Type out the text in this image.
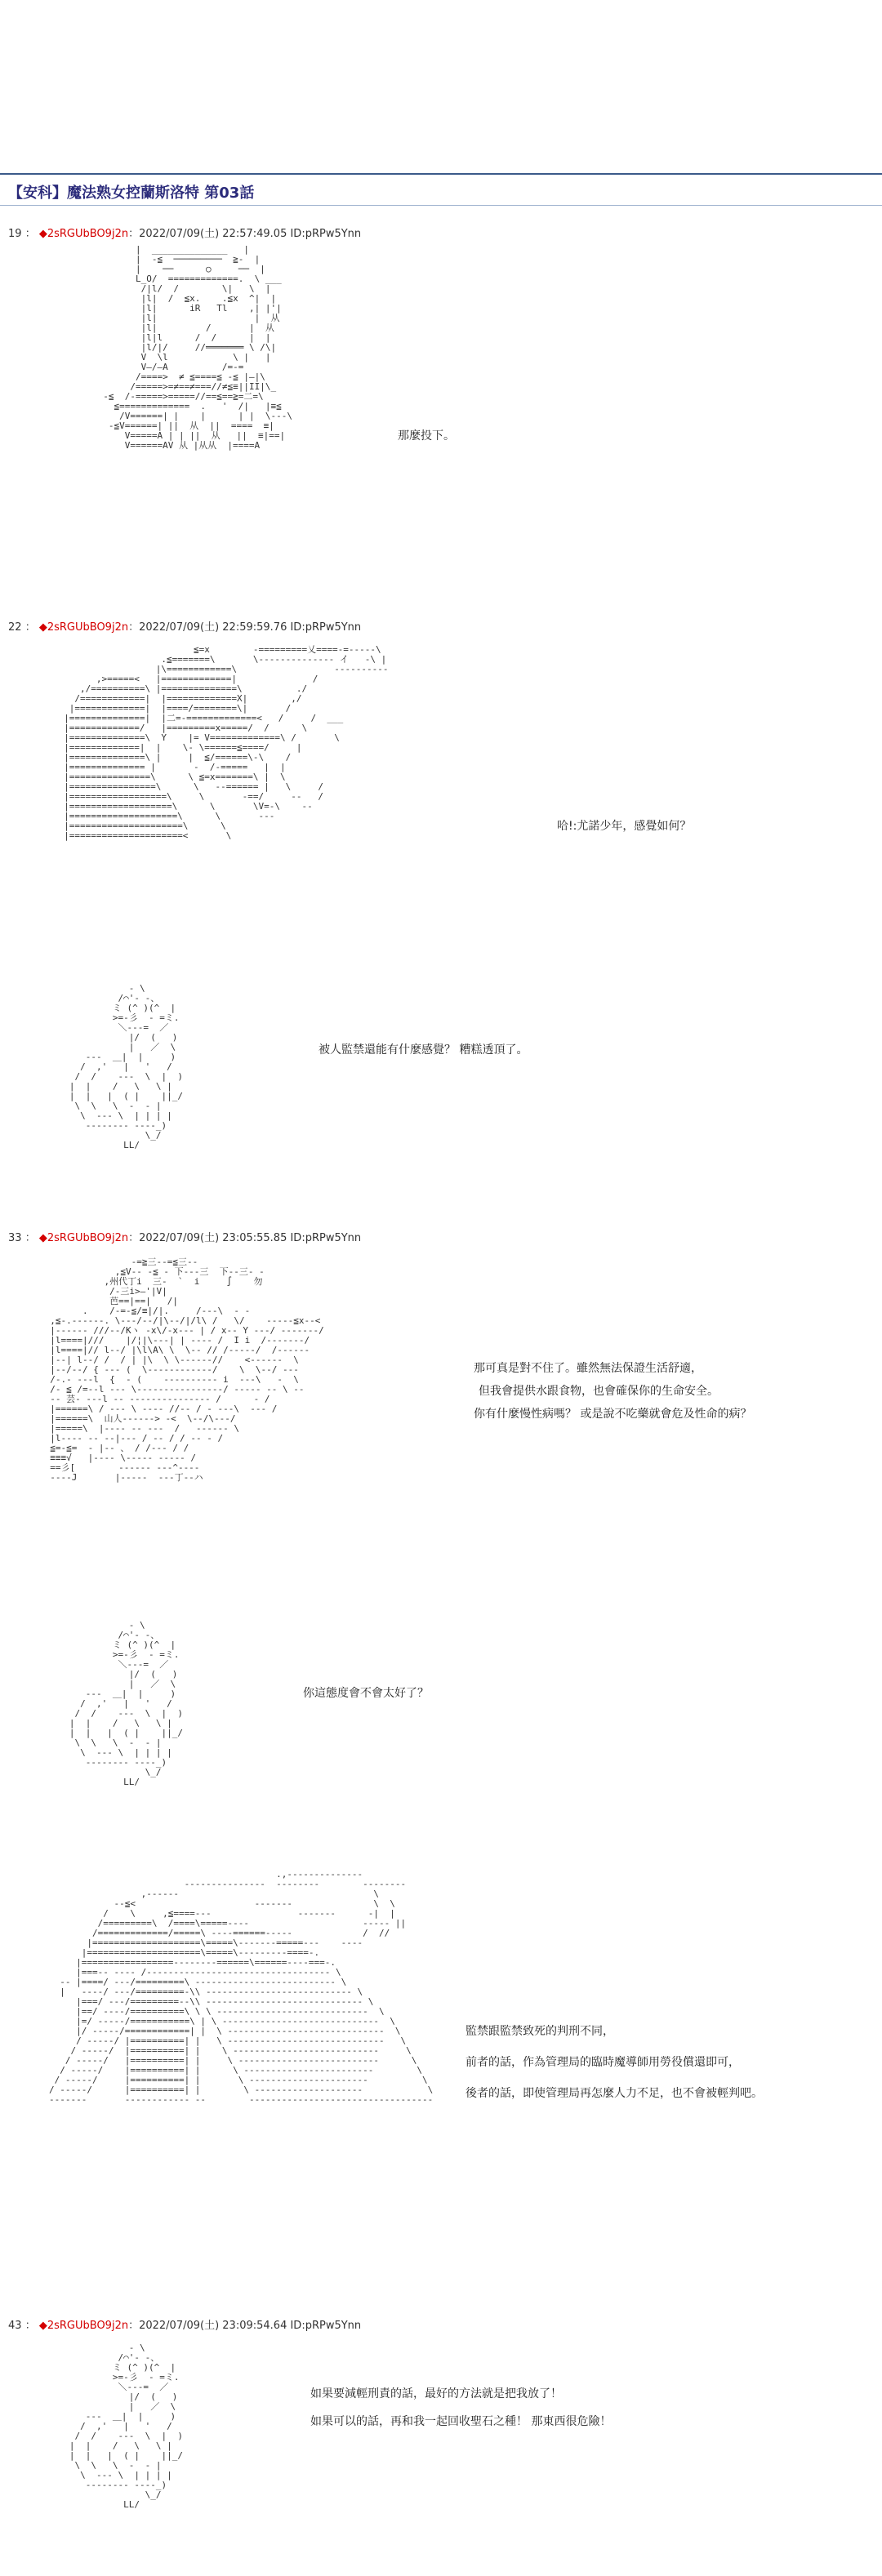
【安科】魔法熟女控蘭斯洛特 第03話
19 ： ◆2sRGUbBO9j2n：2022/07/09(土) 22:57:49.05 ID:pRPw5Ynn
|  ______________   |
|  -≦  ─────────  ≧-  |
|    ──      ○     ──  |
L_O/  =============.  \ ___
/|l/  /        \|   \  |
|l|  /  ≦x.    .≦x  ^|  |
|l|      iR   Tl    ,| |'|
|l|                  |  从
|l|         /       |  从
|l|l      /  /      |  |
|l/|/     //═══════ \ /\|
V  \l            \ |   |
V—/—A          /=‐=
/====>  ≠ ≦====≦ ‐≦ |—|\
/=====>=≠==≠===//≠≦≡||II|\_
-≦  /‐=====>=====//==≦==≧=二=\
≦=============  .   '  /|   |≡≦
/V======| |    |      | |  \‐‐‐\
-≦V======| ||  从  ||  ====  ≡|
V=====A | | ||  从   ||  ≡|==|
V======AV 从 |从从  |====A

那麼投下。
22 ： ◆2sRGUbBO9j2n：2022/07/09(土) 22:59:59.76 ID:pRPw5Ynn
≦=x        ‐=========乂====‐=‐‐‐‐‐\
.≦=======\       \‐‐‐‐‐‐‐‐‐‐‐‐‐‐ イ   ‐\ |
|\============\                  ‐‐‐‐‐‐‐‐‐‐
,>=====<   |=============|              /
,/==========\ |==============\          ./
/============|  |=============X|        ,/
|=============|  |====/========\|       /
|==============|  |二=‐=============<   /     /  ___
|=============/   |=========x=====/  /      \
|==============\  Y    |= V=============\ /       \
|=============|  |    \‐ \======≦====/     |
|==============\ |     |  ≦/======\‐\    /
|============== |       ‐  /‐=====   |  |
|===============\      \ ≦=x=======\ |  \
|================\      \   ‐‐====== |   \     /
|==================\     \       ‐==/     ‐‐   /
|===================\      \       \V=‐\    ‐‐
|====================\      \       ‐‐‐
|=====================\      \
|=====================<       \

哈!:尤諾少年，感覺如何？
‐ \
/⌒'‐ ‐、
ミ (^ )(^  |
>=‐彡  ‐ =ミ.
＼-‐‐=  ／
|/  (   )
|   ／  \
‐‐‐  ＿|  |     )
/  ,'   |   '   /
/  /    ‐‐‐  \  |  )
|  |    /   \   \ |
|  |   |  ( |    ||_/
\  \   \  ‐  ‐ |
\  ‐‐‐ \  | | | |
‐‐‐‐‐‐‐‐ ‐‐‐‐_)
\_/
LL/

被人監禁還能有什麼感覺？ 糟糕透頂了。
33 ： ◆2sRGUbBO9j2n：2022/07/09(土) 23:05:55.85 ID:pRPw5Ynn
‐=≧三‐‐=≦三‐‐
,≦V‐‐ ‐≦ ‐ 下‐‐‐三  下‐‐三‐ ‐
,州代丁i  三‐  `  i     ∫    勿
/‐三i>—'|V|
芭==|==|   /|
.    /‐=‐≦/≡|/|.     /‐‐‐\  ‐ ‐
,≦‐.‐‐‐‐‐‐. \‐‐‐/‐‐/|\‐‐/|/l\ /   \/    ‐‐‐‐‐≦x‐‐<
|‐‐‐‐‐‐ ///‐‐/Kヽ ‐x\/‐x‐‐‐ | / x‐‐ Y ‐‐‐/ ‐‐‐‐‐‐‐/
|l====|///    |/¦|\‐‐‐| | ‐‐‐‐ /  I i  /‐‐‐‐‐‐‐/
|l====|// l‐‐/ |\l\A\ \  \‐‐ // /‐‐‐‐‐/  /‐‐‐‐‐‐
|‐‐| l‐‐/ /  / | |\  \ \‐‐‐‐‐‐//    <‐‐‐‐‐‐  \
|‐‐/‐‐/ { ‐‐‐ (  \‐‐‐‐‐‐‐‐‐‐‐‐/    \  \‐‐/ ‐‐‐
/‐.‐ ‐‐‐l  {  ‐ (    ‐‐‐‐‐‐‐‐‐‐ i  ‐‐‐\   ‐  \
/‐ ≦ /=‐‐l ‐‐‐ \‐‐‐‐‐‐‐‐‐‐‐‐‐‐‐‐/ ‐‐‐‐‐ ‐‐ \ ‐‐
‐‐ 芸‐ ‐‐‐l ‐‐ ‐‐‐‐‐‐‐‐‐‐‐‐‐‐‐ /      ‐ /
|======\ / ‐‐‐ \ ‐‐‐‐ //‐‐ / ‐ ‐‐‐\  ‐‐‐ /
|======\  山人‐‐‐‐‐‐> ‐<  \‐‐/\‐‐‐/
|=====\  |‐‐‐‐ ‐‐ ‐‐‐  /   ‐‐‐‐‐‐ \
|l‐‐‐‐ ‐‐ ‐‐|‐‐‐ / ‐‐ / / ‐‐ ‐ /
≦=‐≦=  ‐ |‐‐ 、 / /‐‐‐ / /
≡≡≡√   |‐‐‐‐ \‐‐‐‐‐ ‐‐‐‐‐ /
==彡[        ‐‐‐‐‐‐ ‐‐‐^‐‐‐‐
‐‐‐‐J       |‐‐‐‐‐  ‐‐‐丁‐‐ハ

那可真是對不住了。雖然無法保證生活舒適，
但我會提供水跟食物，也會確保你的生命安全。
你有什麼慢性病嗎？ 或是說不吃藥就會危及性命的病？
‐ \
/⌒'‐ ‐、
ミ (^ )(^  |
>=‐彡  ‐ =ミ.
＼-‐‐=  ／
|/  (   )
|   ／  \
‐‐‐  ＿|  |     )
/  ,'   |   '   /
/  /    ‐‐‐  \  |  )
|  |    /   \   \ |
|  |   |  ( |    ||_/
\  \   \  ‐  ‐ |
\  ‐‐‐ \  | | | |
‐‐‐‐‐‐‐‐ ‐‐‐‐_)
\_/
LL/

你這態度會不會太好了？
.,‐‐‐‐‐‐‐‐‐‐‐‐‐‐
‐‐‐‐‐‐‐‐‐‐‐‐‐‐‐  ‐‐‐‐‐‐‐‐        ‐‐‐‐‐‐‐‐
,‐‐‐‐‐‐                                    \
‐‐≦<                      ‐‐‐‐‐‐‐               \  \
/    \     ,≦====‐‐‐                ‐‐‐‐‐‐‐      ‐|  |
/=========\  /====\=====‐‐‐‐                     ‐‐‐‐‐ ||
/=============/=====\ ‐‐‐‐======‐‐‐‐‐             /  //
|====================\=====\‐‐‐‐‐‐‐=====‐‐‐    ‐‐‐‐
|=====================\=====\‐‐‐‐‐‐‐‐‐====‐.
|=================‐‐‐‐‐‐‐‐======\======‐‐‐‐===‐.
|===‐‐ ‐‐‐‐ /‐‐‐‐‐‐‐‐‐‐‐‐‐‐‐‐‐‐‐‐‐‐‐‐‐‐‐‐‐‐‐‐‐‐ \
‐‐ |====/ ‐‐‐/=========\ ‐‐‐‐‐‐‐‐‐‐‐‐‐‐‐‐‐‐‐‐‐‐‐‐‐‐ \
|   ‐‐‐‐/ ‐‐‐/=========‐\\ ‐‐‐‐‐‐‐‐‐‐‐‐‐‐‐‐‐‐‐‐‐‐‐‐‐‐‐ \
|===/ ‐‐‐/=========‐‐\\ ‐‐‐‐‐‐‐‐‐‐‐‐‐‐‐‐‐‐‐‐‐‐‐‐‐‐‐‐‐ \
|==/ ‐‐‐‐/==========\ \ \ ‐‐‐‐‐‐‐‐‐‐‐‐‐‐‐‐‐‐‐‐‐‐‐‐‐‐‐‐  \
|=/ ‐‐‐‐‐/===========\ | \ ‐‐‐‐‐‐‐‐‐‐‐‐‐‐‐‐‐‐‐‐‐‐‐‐‐‐‐‐‐  \
|/ ‐‐‐‐‐/============| |  \ ‐‐‐‐‐‐‐‐‐‐‐‐‐‐‐‐‐‐‐‐‐‐‐‐‐‐‐‐‐  \
/ ‐‐‐‐‐/ |==========| |   \ ‐‐‐‐‐‐‐‐‐‐‐‐‐‐‐‐‐‐‐‐‐‐‐‐‐‐‐‐‐   \
/ ‐‐‐‐‐/  |==========| |    \ ‐‐‐‐‐‐‐‐‐‐‐‐‐‐‐‐‐‐‐‐‐‐‐‐‐‐‐     \
/ ‐‐‐‐‐/   |==========| |     \ ‐‐‐‐‐‐‐‐‐‐‐‐‐‐‐‐‐‐‐‐‐‐‐‐‐‐      \
/ ‐‐‐‐‐/    |==========| |      \ ‐‐‐‐‐‐‐‐‐‐‐‐‐‐‐‐‐‐‐‐‐‐‐‐        \
/ ‐‐‐‐‐/     |==========| |       \ ‐‐‐‐‐‐‐‐‐‐‐‐‐‐‐‐‐‐‐‐‐‐          \
/ ‐‐‐‐‐/      |==========| |        \ ‐‐‐‐‐‐‐‐‐‐‐‐‐‐‐‐‐‐‐‐            \
‐‐‐‐‐‐‐       ‐‐‐‐‐‐‐‐‐‐‐‐ ‐‐        ‐‐‐‐‐‐‐‐‐‐‐‐‐‐‐‐‐‐‐‐‐‐‐‐‐‐‐‐‐‐‐‐‐‐

監禁跟監禁致死的判刑不同，
前者的話，作為管理局的臨時魔導師用勞役償還即可，
後者的話，即使管理局再怎麼人力不足，也不會被輕判吧。
43 ： ◆2sRGUbBO9j2n：2022/07/09(土) 23:09:54.64 ID:pRPw5Ynn
‐ \
/⌒'‐ ‐、
ミ (^ )(^  |
>=‐彡  ‐ =ミ.
＼-‐‐=  ／
|/  (   )
|   ／  \
‐‐‐  ＿|  |     )
/  ,'   |   '   /
/  /    ‐‐‐  \  |  )
|  |    /   \   \ |
|  |   |  ( |    ||_/
\  \   \  ‐  ‐ |
\  ‐‐‐ \  | | | |
‐‐‐‐‐‐‐‐ ‐‐‐‐_)
\_/
LL/

如果要減輕刑責的話，最好的方法就是把我放了！
如果可以的話，再和我一起回收聖石之種！ 那東西很危險！
